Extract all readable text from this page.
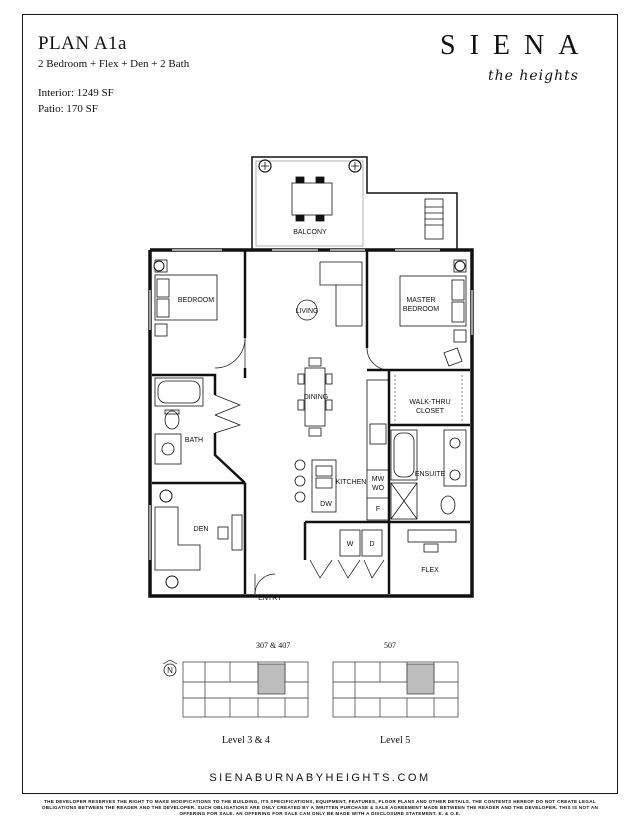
PLAN A1a
2 Bedroom + Flex + Den + 2 Bath
Interior: 1249 SF
Patio: 170 SF
SIENA
the heights
BALCONY
BEDROOM
LIVING
MASTER
BEDROOM
DINING
WALK-THRU
CLOSET
BATH
ENSUITE
KITCHEN MW
WO
DW
F
DEN
W D
FLEX
ENTRY
N
307 & 407	507
Level 3 & 4	Level 5
SIENABURNABYHEIGHTS.COM
THE DEVELOPER RESERVES THE RIGHT TO MAKE MODIFICATIONS TO THE BUILDING, ITS SPECIFICATIONS, EQUIPMENT, FEATURES, FLOOR PLANS AND OTHER DETAILS. THE CONTENTS HEREOF DO NOT CREATE LEGAL OBLIGATIONS BETWEEN THE READER AND THE DEVELOPER. SUCH OBLIGATIONS ARE ONLY CREATED BY A WRITTEN PURCHASE & SALE AGREEMENT MADE BETWEEN THE READER AND THE DEVELOPER. THIS IS NOT AN OFFERING FOR SALE. AN OFFERING FOR SALE CAN ONLY BE MADE WITH A DISCLOSURE STATEMENT. E. & O.E.
